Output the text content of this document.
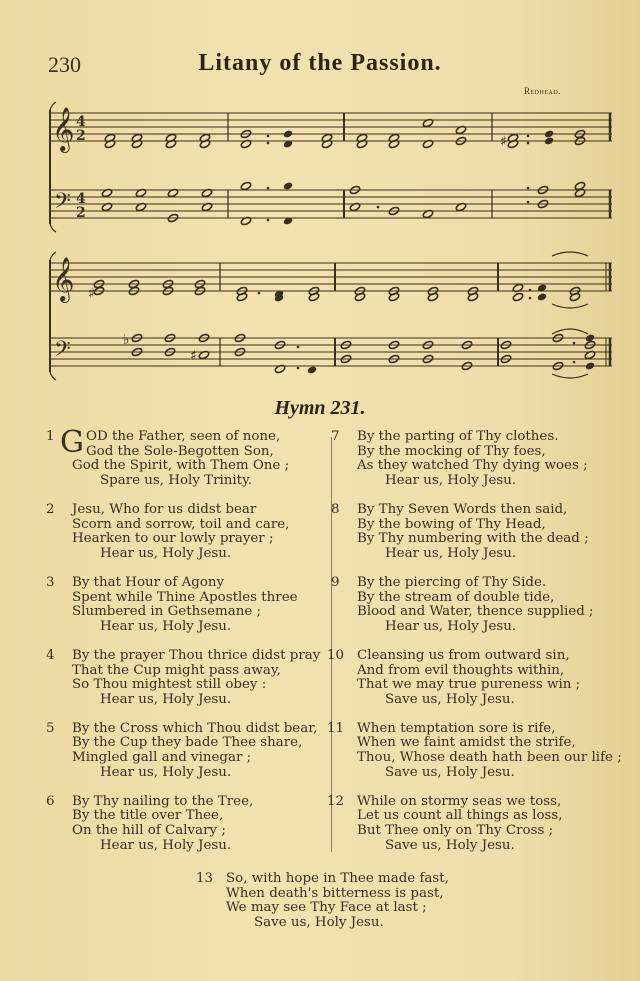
230	Litany of the Passion.
Redhead.
𝄞
𝄢
𝄞
𝄢
4
2
4
2
♯
♭
♯
♯
Hymn 231.
1 G OD the Father, seen of none,
God the Sole-Begotten Son,
God the Spirit, with Them One ;
Spare us, Holy Trinity.
2	Jesu, Who for us didst bear
Scorn and sorrow, toil and care,
Hearken to our lowly prayer ;
Hear us, Holy Jesu.
3	By that Hour of Agony
Spent while Thine Apostles three
Slumbered in Gethsemane ;
Hear us, Holy Jesu.
4	By the prayer Thou thrice didst pray
That the Cup might pass away,
So Thou mightest still obey :
Hear us, Holy Jesu.
5	By the Cross which Thou didst bear,
By the Cup they bade Thee share,
Mingled gall and vinegar ;
Hear us, Holy Jesu.
6	By Thy nailing to the Tree,
By the title over Thee,
On the hill of Calvary ;
Hear us, Holy Jesu.
7	By the parting of Thy clothes.
By the mocking of Thy foes,
As they watched Thy dying woes ;
Hear us, Holy Jesu.
8	By Thy Seven Words then said,
By the bowing of Thy Head,
By Thy numbering with the dead ;
Hear us, Holy Jesu.
9	By the piercing of Thy Side.
By the stream of double tide,
Blood and Water, thence supplied ;
Hear us, Holy Jesu.
10 Cleansing us from outward sin,
And from evil thoughts within,
That we may true pureness win ;
Save us, Holy Jesu.
11 When temptation sore is rife,
When we faint amidst the strife,
Thou, Whose death hath been our life ;
Save us, Holy Jesu.
12 While on stormy seas we toss,
Let us count all things as loss,
But Thee only on Thy Cross ;
Save us, Holy Jesu.
13 So, with hope in Thee made fast,
When death's bitterness is past,
We may see Thy Face at last ;
Save us, Holy Jesu.
